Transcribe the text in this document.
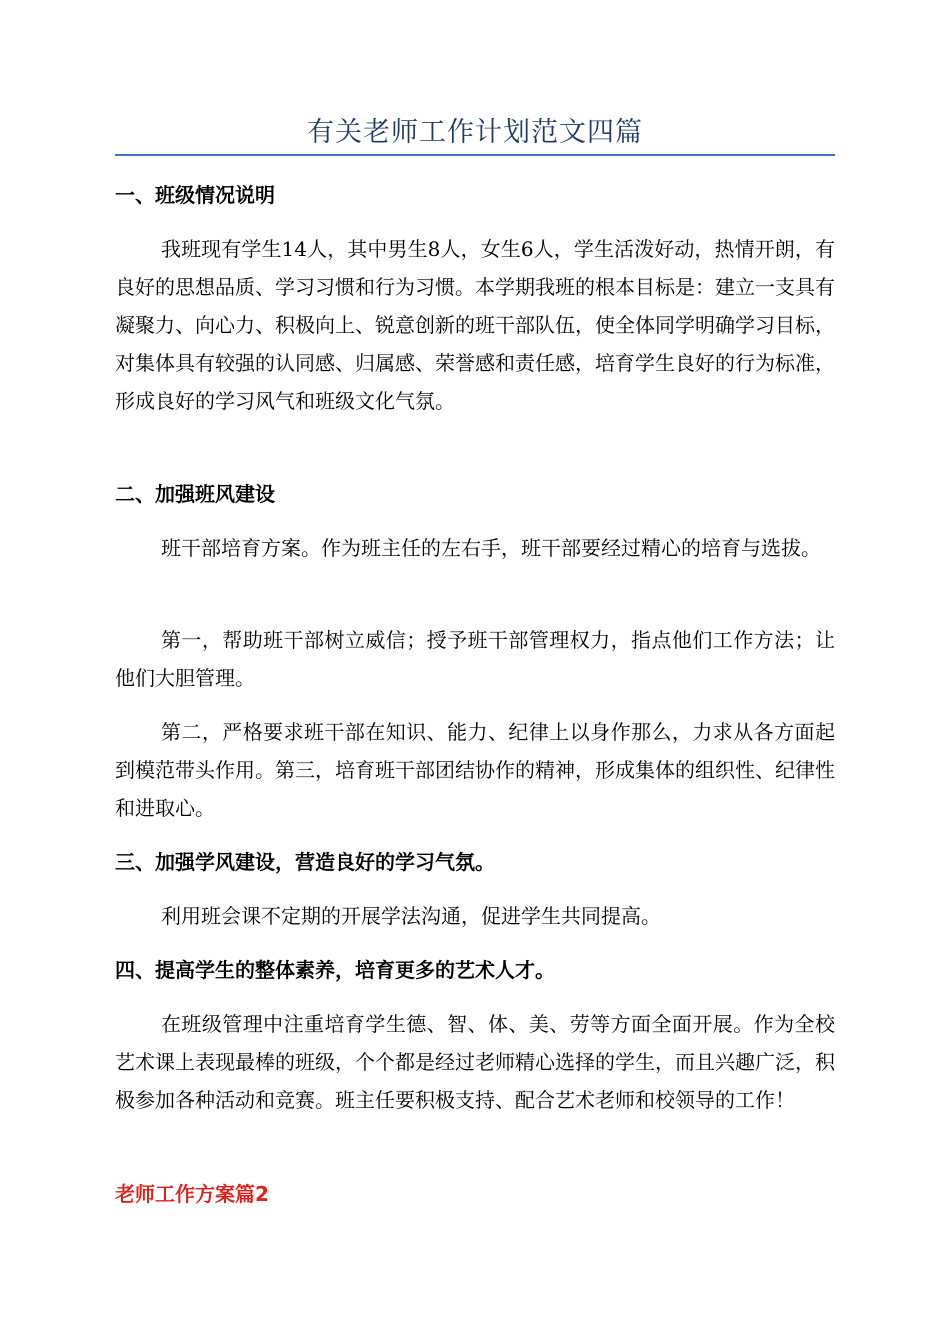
有关老师工作计划范文四篇
一、班级情况说明

我班现有学生14人，其中男生8人，女生6人，学生活泼好动，热情开朗，有良好的思想品质、学习习惯和行为习惯。本学期我班的根本目标是：建立一支具有凝聚力、向心力、积极向上、锐意创新的班干部队伍，使全体同学明确学习目标，对集体具有较强的认同感、归属感、荣誉感和责任感，培育学生良好的行为标准，形成良好的学习风气和班级文化气氛。

二、加强班风建设

班干部培育方案。作为班主任的左右手，班干部要经过精心的培育与选拔。

第一，帮助班干部树立威信；授予班干部管理权力，指点他们工作方法；让他们大胆管理。

第二，严格要求班干部在知识、能力、纪律上以身作那么，力求从各方面起到模范带头作用。第三，培育班干部团结协作的精神，形成集体的组织性、纪律性和进取心。

三、加强学风建设，营造良好的学习气氛。

利用班会课不定期的开展学法沟通，促进学生共同提高。

四、提高学生的整体素养，培育更多的艺术人才。

在班级管理中注重培育学生德、智、体、美、劳等方面全面开展。作为全校艺术课上表现最棒的班级，个个都是经过老师精心选择的学生，而且兴趣广泛，积极参加各种活动和竞赛。班主任要积极支持、配合艺术老师和校领导的工作！

老师工作方案篇2
